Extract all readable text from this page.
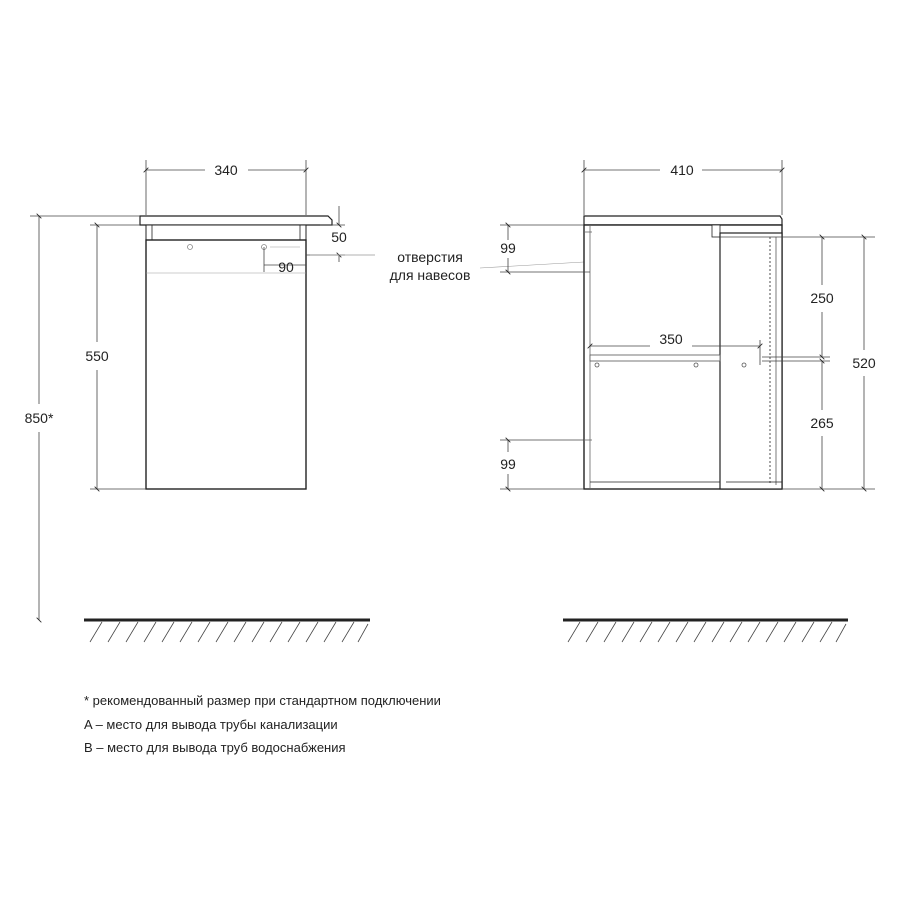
340
50
90
550
850*
отверстия
для навесов
410
99
99
350
250
265
520
* рекомендованный размер при стандартном подключении
A – место для вывода трубы канализации
B – место для вывода труб водоснабжения
